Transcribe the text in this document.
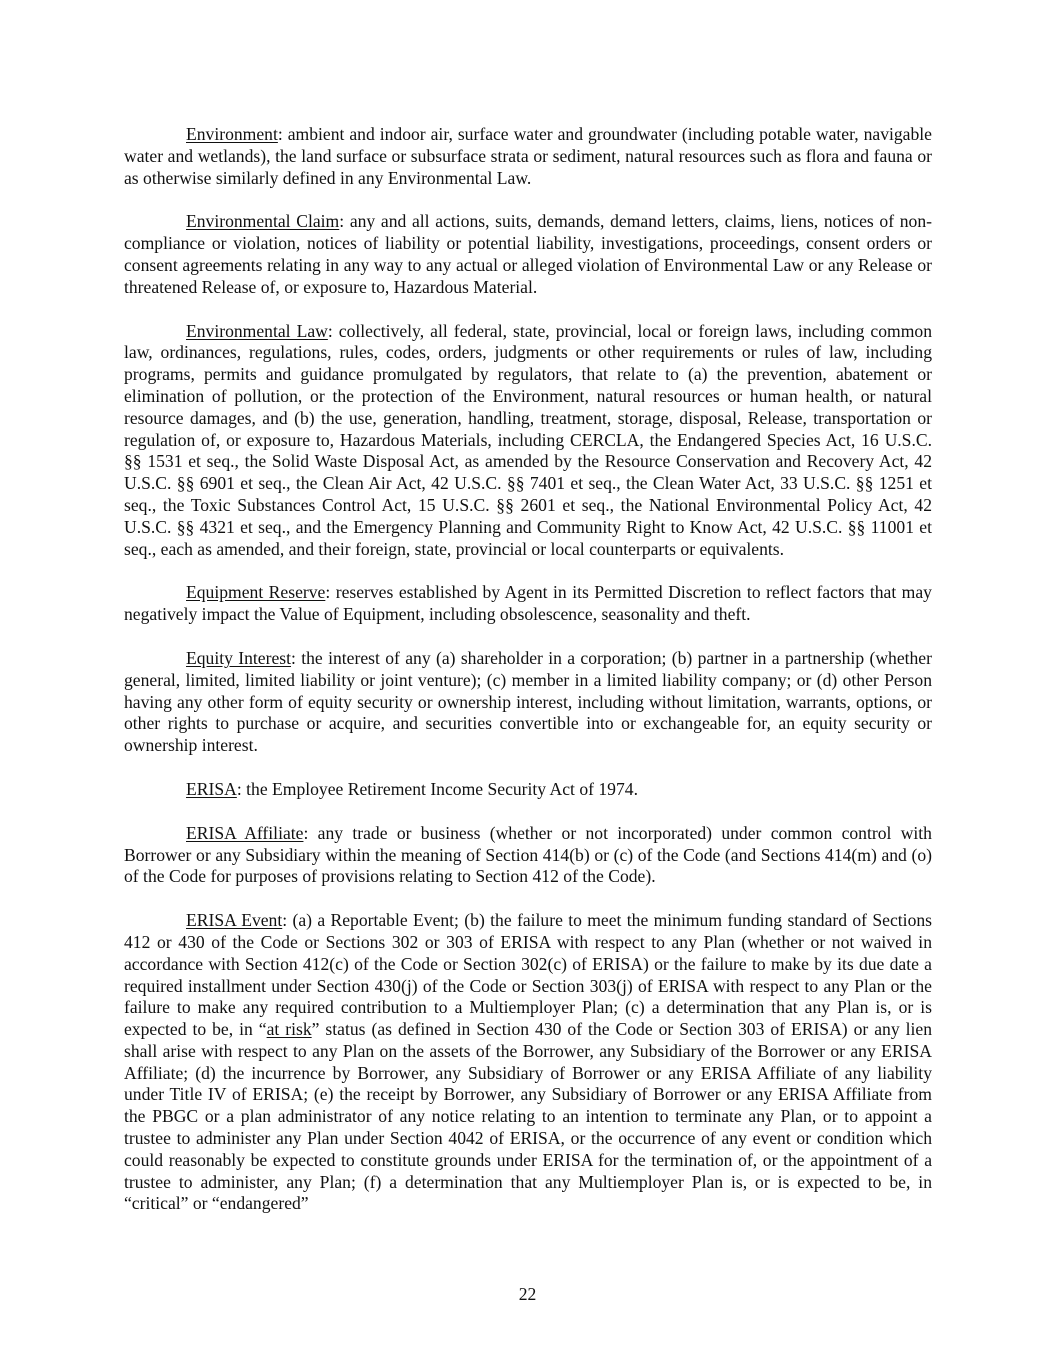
Environment: ambient and indoor air, surface water and groundwater (including potable water, navigable water and wetlands), the land surface or subsurface strata or sediment, natural resources such as flora and fauna or as otherwise similarly defined in any Environmental Law.

Environmental Claim: any and all actions, suits, demands, demand letters, claims, liens, notices of non-compliance or violation, notices of liability or potential liability, investigations, proceedings, consent orders or consent agreements relating in any way to any actual or alleged violation of Environmental Law or any Release or threatened Release of, or exposure to, Hazardous Material.

Environmental Law: collectively, all federal, state, provincial, local or foreign laws, including common law, ordinances, regulations, rules, codes, orders, judgments or other requirements or rules of law, including programs, permits and guidance promulgated by regulators, that relate to (a) the prevention, abatement or elimination of pollution, or the protection of the Environment, natural resources or human health, or natural resource damages, and (b) the use, generation, handling, treatment, storage, disposal, Release, transportation or regulation of, or exposure to, Hazardous Materials, including CERCLA, the Endangered Species Act, 16 U.S.C. §§ 1531 et seq., the Solid Waste Disposal Act, as amended by the Resource Conservation and Recovery Act, 42 U.S.C. §§ 6901 et seq., the Clean Air Act, 42 U.S.C. §§ 7401 et seq., the Clean Water Act, 33 U.S.C. §§ 1251 et seq., the Toxic Substances Control Act, 15 U.S.C. §§ 2601 et seq., the National Environmental Policy Act, 42 U.S.C. §§ 4321 et seq., and the Emergency Planning and Community Right to Know Act, 42 U.S.C. §§ 11001 et seq., each as amended, and their foreign, state, provincial or local counterparts or equivalents.

Equipment Reserve: reserves established by Agent in its Permitted Discretion to reflect factors that may negatively impact the Value of Equipment, including obsolescence, seasonality and theft.

Equity Interest: the interest of any (a) shareholder in a corporation; (b) partner in a partnership (whether general, limited, limited liability or joint venture); (c) member in a limited liability company; or (d) other Person having any other form of equity security or ownership interest, including without limitation, warrants, options, or other rights to purchase or acquire, and securities convertible into or exchangeable for, an equity security or ownership interest.

ERISA: the Employee Retirement Income Security Act of 1974.

ERISA Affiliate: any trade or business (whether or not incorporated) under common control with Borrower or any Subsidiary within the meaning of Section 414(b) or (c) of the Code (and Sections 414(m) and (o) of the Code for purposes of provisions relating to Section 412 of the Code).

ERISA Event: (a) a Reportable Event; (b) the failure to meet the minimum funding standard of Sections 412 or 430 of the Code or Sections 302 or 303 of ERISA with respect to any Plan (whether or not waived in accordance with Section 412(c) of the Code or Section 302(c) of ERISA) or the failure to make by its due date a required installment under Section 430(j) of the Code or Section 303(j) of ERISA with respect to any Plan or the failure to make any required contribution to a Multiemployer Plan; (c) a determination that any Plan is, or is expected to be, in “at risk” status (as defined in Section 430 of the Code or Section 303 of ERISA) or any lien shall arise with respect to any Plan on the assets of the Borrower, any Subsidiary of the Borrower or any ERISA Affiliate; (d) the incurrence by Borrower, any Subsidiary of Borrower or any ERISA Affiliate of any liability under Title IV of ERISA; (e) the receipt by Borrower, any Subsidiary of Borrower or any ERISA Affiliate from the PBGC or a plan administrator of any notice relating to an intention to terminate any Plan, or to appoint a trustee to administer any Plan under Section 4042 of ERISA, or the occurrence of any event or condition which could reasonably be expected to constitute grounds under ERISA for the termination of, or the appointment of a trustee to administer, any Plan; (f) a determination that any Multiemployer Plan is, or is expected to be, in “critical” or “endangered”

22
